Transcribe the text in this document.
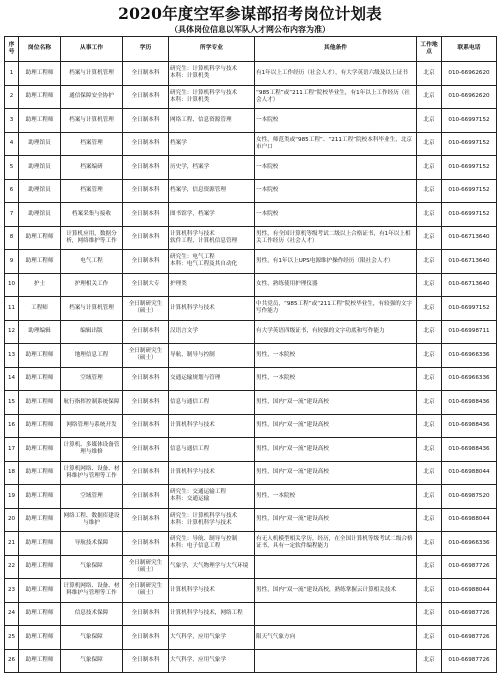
2020年度空军参谋部招考岗位计划表
（具体岗位信息以军队人才网公布内容为准）
序号	岗位名称	从事工作	学历	所学专业	其他条件	工作地点	联系电话
1	助理工程师	档案与计算机管理	全日制本科	研究生：计算机科学与技术
本科：计算机类	有1年以上工作经历（社会人才），有大学英语六级及以上证书	北京	010-66962620
2	助理工程师	通信保障安全协护	全日制本科	研究生：计算机科学与技术
本科：计算机类	“985工程”或“211工程”院校毕业生，有1年以上工作经历（社会人才）	北京	010-66962620
3	助理工程师	档案与计算机管理	全日制本科	网络工程、信息资源管理	一本院校	北京	010-66997152
4	助理馆员	档案管理	全日制本科	档案学	女性，师范类或“985工程”、“211工程”院校本科毕业生，北京市户口	北京	010-66997152
5	助理馆员	档案编研	全日制本科	历史学，档案学	一本院校	北京	010-66997152
6	助理馆员	档案管理	全日制本科	档案学，信息资源管理	一本院校	北京	010-66997152
7	助理馆员	档案采集与接收	全日制本科	图书馆学，档案学	一本院校	北京	010-66997152
8	助理工程师	计算机应用，数据分析，网络维护等工作	全日制本科	计算机科学与技术
软件工程，计算机信息管理	男性，有全国计算机等级考试二级以上合格证书，有1年以上相关工作经历（社会人才）	北京	010-66713640
9	助理工程师	电气工程	全日制本科	研究生：电气工程
本科：电气工程及其自动化	男性，有1年以上UPS电源维护操作经历（限社会人才）	北京	010-66713640
10	护士	护理相关工作	全日制大专	护理类	女性，熟练使用护理仪器	北京	010-66713640
11	工程师	档案与计算机管理	全日制研究生（硕士）	计算机科学与技术	中共党员，“985工程”或“211工程”院校毕业生，有较强的文字写作能力	北京	010-66997152
12	助理编辑	编辑出版	全日制本科	汉语言文学	有大学英语四级证书，有较强的文字功底和写作能力	北京	010-66998711
13	助理工程师	地理信息工程	全日制研究生（硕士）	导航、制导与控制	男性，一本院校	北京	010-66966336
14	助理工程师	空域管理	全日制本科	交通运输规划与管理	男性，一本院校	北京	010-66966336
15	助理工程师	航行指挥控制系统保障	全日制本科	信息与通信工程	男性，国内“双一流”建设高校	北京	010-66988436
16	助理工程师	网络管理与系统开发	全日制本科	计算机科学与技术	男性，国内“双一流”建设高校	北京	010-66988436
17	助理工程师	计算机、多媒体设备管理与维修	全日制本科	信息与通信工程	男性，国内“双一流”建设高校	北京	010-66988436
18	助理工程师	计算机网络、设备、材料维护与管理等工作	全日制本科	计算机科学与技术	男性，国内“双一流”建设高校	北京	010-66988044
19	助理工程师	空域管理	全日制本科	研究生：交通运输工程
本科：交通运输	男性，一本院校	北京	010-66987520
20	助理工程师	网络工程、数据库建设与维护	全日制本科	研究生：计算机科学与技术
本科：计算机科学与技术	男性，国内“双一流”建设高校	北京	010-66988044
21	助理工程师	导航技术保障	全日制本科	研究生：导航、制导与控制
本科：电子信息工程	有无人机模型相关学历，经历，在全国计算机等级考试二级合格证书，具有一定软件编程能力	北京	010-66966336
22	助理工程师	气象保障	全日制研究生（硕士）	气象学，大气物理学与大气环境		北京	010-66987726
23	助理工程师	计算机网络、设备、材料维护与管理等工作	全日制研究生（硕士）	计算机科学与技术	男性，国内“双一流”建设高校，熟练掌握云计算相关技术	北京	010-66988044
24	助理工程师	信息技术保障	全日制本科	计算机科学与技术，网络工程		北京	010-66987726
25	助理工程师	气象保障	全日制本科	大气科学，应用气象学	限天气气象方向	北京	010-66987726
26	助理工程师	气象保障	全日制本科	大气科学，应用气象学		北京	010-66987726
